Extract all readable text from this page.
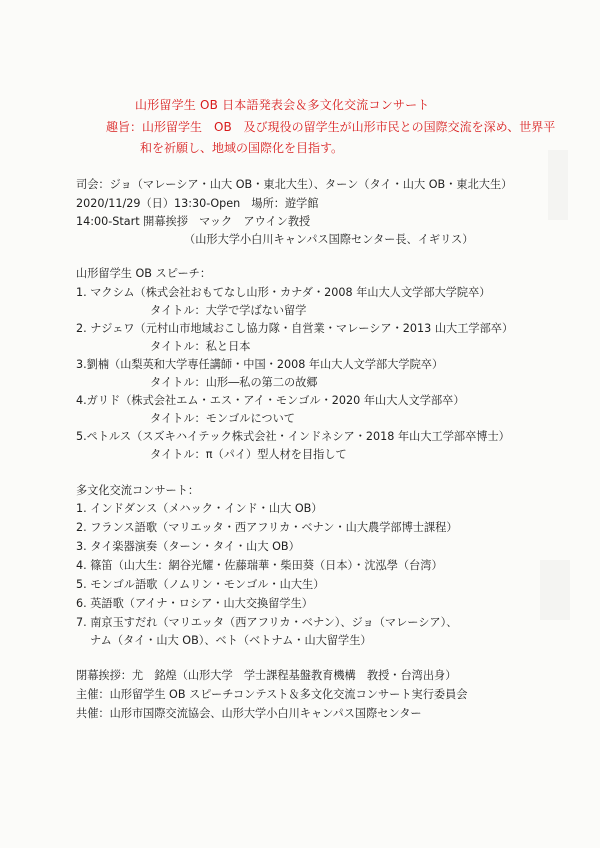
山形留学生 OB 日本語発表会＆多文化交流コンサート
趣旨：山形留学生　OB　及び現役の留学生が山形市民との国際交流を深め、世界平
和を祈願し、地域の国際化を目指す。
司会：ジョ（マレーシア・山大 OB・東北大生）、ターン（タイ・山大 OB・東北大生）
2020/11/29（日）13:30-Open　場所：遊学館
14:00-Start 開幕挨拶　マック　アウイン教授
（山形大学小白川キャンパス国際センター長、イギリス）
山形留学生 OB スピーチ：
1. マクシム（株式会社おもてなし山形・カナダ・2008 年山大人文学部大学院卒）
タイトル：大学で学ばない留学
2. ナジェワ（元村山市地域おこし協力隊・自営業・マレーシア・2013 山大工学部卒）
タイトル：私と日本
3.劉楠（山梨英和大学専任講師・中国・2008 年山大人文学部大学院卒）
タイトル：山形―私の第二の故郷
4.ガリド（株式会社エム・エス・アイ・モンゴル・2020 年山大人文学部卒）
タイトル：モンゴルについて
5.ペトルス（スズキハイテック株式会社・インドネシア・2018 年山大工学部卒博士）
タイトル：π（パイ）型人材を目指して
多文化交流コンサート：
1. インドダンス（メハック・インド・山大 OB）
2. フランス語歌（マリエッタ・西アフリカ・ベナン・山大農学部博士課程）
3. タイ楽器演奏（ターン・タイ・山大 OB）
4. 篠笛（山大生：網谷光耀・佐藤瑞華・柴田葵（日本）・沈泓學（台湾）
5. モンゴル語歌（ノムリン・モンゴル・山大生）
6. 英語歌（アイナ・ロシア・山大交換留学生）
7. 南京玉すだれ（マリエッタ（西アフリカ・ベナン）、ジョ（マレーシア）、
ナム（タイ・山大 OB）、ベト（ベトナム・山大留学生）
閉幕挨拶：尤　銘煌（山形大学　学士課程基盤教育機構　教授・台湾出身）
主催：山形留学生 OB スピーチコンテスト＆多文化交流コンサート実行委員会
共催：山形市国際交流協会、山形大学小白川キャンパス国際センター
